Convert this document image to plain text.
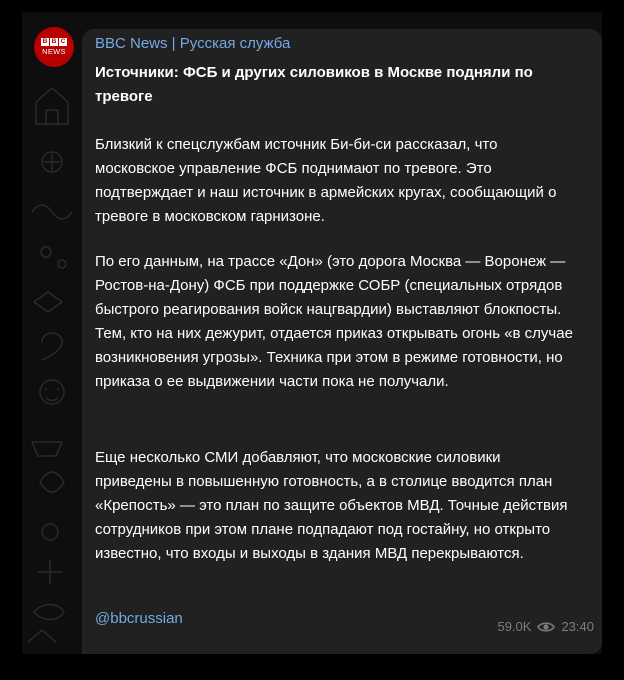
B B C
NEWS BBC News | Русская служба
Источники: ФСБ и других силовиков в Москве подняли по тревоге
Близкий к спецслужбам источник Би-би-си рассказал, что московское управление ФСБ поднимают по тревоге. Это подтверждает и наш источник в армейских кругах, сообщающий о тревоге в московском гарнизоне.
По его данным, на трассе «Дон» (это дорога Москва — Воронеж — Ростов-на-Дону) ФСБ при поддержке СОБР (специальных отрядов быстрого реагирования войск нацгвардии) выставляют блокпосты. Тем, кто на них дежурит, отдается приказ открывать огонь «в случае возникновения угрозы». Техника при этом в режиме готовности, но приказа о ее выдвижении части пока не получали.
Еще несколько СМИ добавляют, что московские силовики приведены в повышенную готовность, а в столице вводится план «Крепость» — это план по защите объектов МВД. Точные действия сотрудников при этом плане подпадают под гостайну, но открыто известно, что входы и выходы в здания МВД перекрываются.
@bbcrussian	59.0K 23:40
